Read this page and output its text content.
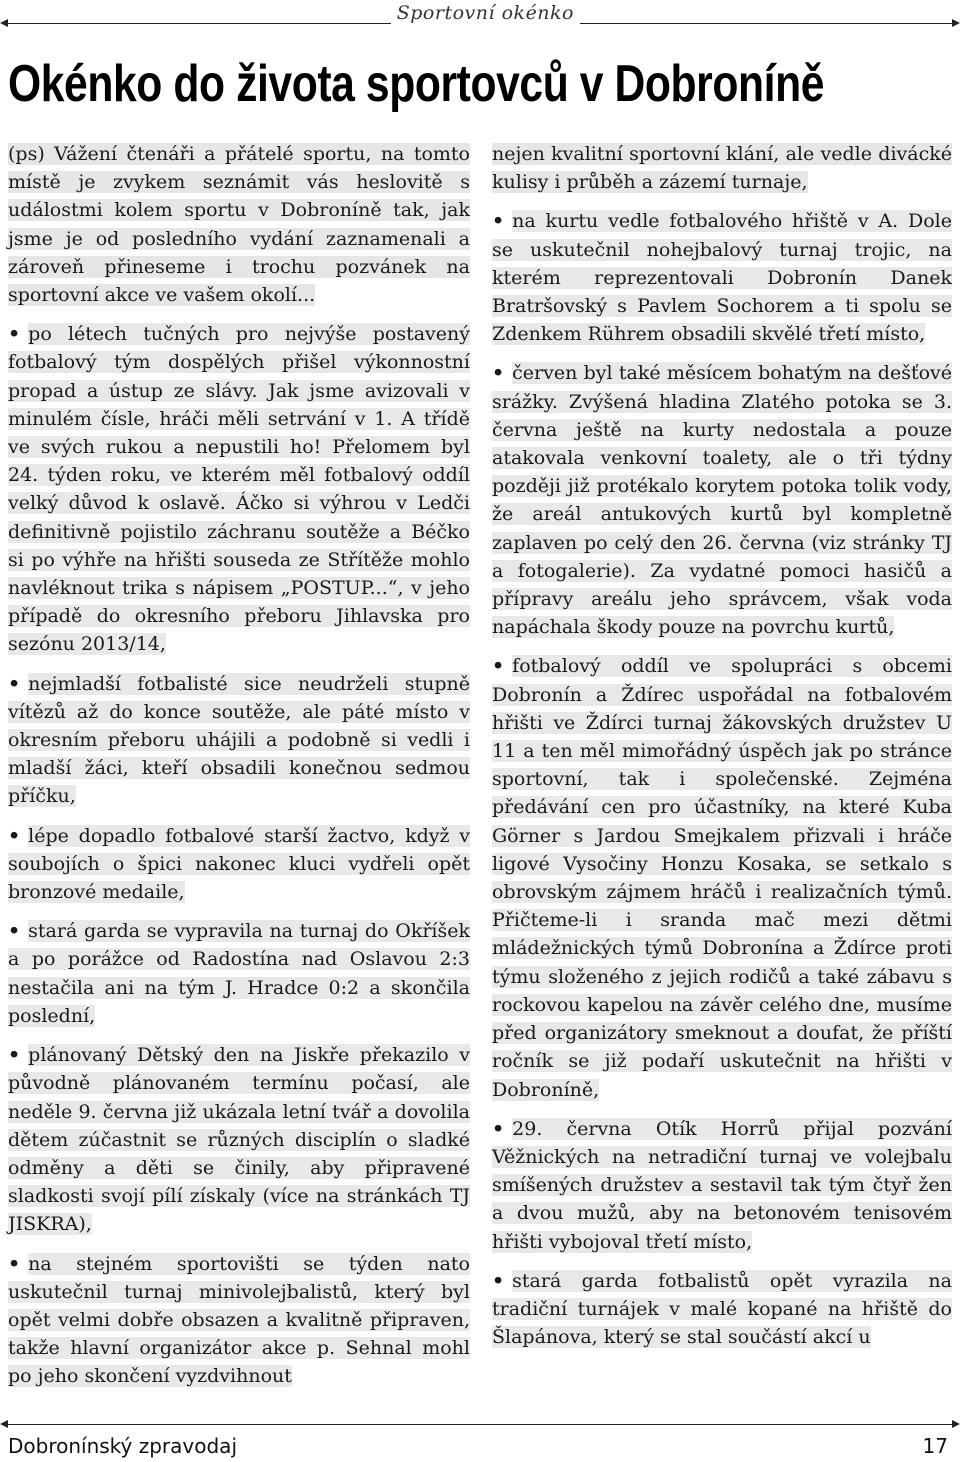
Sportovní okénko
Okénko do života sportovců v Dobroníně

(ps) Vážení čtenáři a přátelé sportu, na tomto místě je zvykem seznámit vás heslovitě s událostmi kolem sportu v Dobroníně tak, jak jsme je od posledního vydání zaznamenali a zároveň přineseme i trochu pozvánek na sportovní akce ve vašem okolí...

• po létech tučných pro nejvýše postavený fotbalový tým dospělých přišel výkonnostní propad a ústup ze slávy. Jak jsme avizovali v minulém čísle, hráči měli setrvání v 1. A třídě ve svých rukou a nepustili ho! Přelomem byl 24. týden roku, ve kterém měl fotbalový oddíl velký důvod k oslavě. Áčko si výhrou v Ledči definitivně pojistilo záchranu soutěže a Béčko si po výhře na hřišti souseda ze Střítěže mohlo navléknout trika s nápisem „POSTUP...“, v jeho případě do okresního přeboru Jihlavska pro sezónu 2013/14,

• nejmladší fotbalisté sice neudrželi stupně vítězů až do konce soutěže, ale páté místo v okresním přeboru uhájili a podobně si vedli i mladší žáci, kteří obsadili konečnou sedmou příčku,

• lépe dopadlo fotbalové starší žactvo, když v soubojích o špici nakonec kluci vydřeli opět bronzové medaile,

• stará garda se vypravila na turnaj do Okříšek a po porážce od Radostína nad Oslavou 2:3 nestačila ani na tým J. Hradce 0:2 a skončila poslední,

• plánovaný Dětský den na Jiskře překazilo v původně plánovaném termínu počasí, ale neděle 9. června již ukázala letní tvář a dovolila dětem zúčastnit se různých disciplín o sladké odměny a děti se činily, aby připravené sladkosti svojí pílí získaly (více na stránkách TJ JISKRA),

• na stejném sportovišti se týden nato uskutečnil turnaj minivolejbalistů, který byl opět velmi dobře obsazen a kvalitně připraven, takže hlavní organizátor akce p. Sehnal mohl po jeho skončení vyzdvihnout

nejen kvalitní sportovní klání, ale vedle divácké kulisy i průběh a zázemí turnaje,

• na kurtu vedle fotbalového hřiště v A. Dole se uskutečnil nohejbalový turnaj trojic, na kterém reprezentovali Dobronín Danek Bratršovský s Pavlem Sochorem a ti spolu se Zdenkem Rührem obsadili skvělé třetí místo,

• červen byl také měsícem bohatým na dešťové srážky. Zvýšená hladina Zlatého potoka se 3. června ještě na kurty nedostala a pouze atakovala venkovní toalety, ale o tři týdny později již protékalo korytem potoka tolik vody, že areál antukových kurtů byl kompletně zaplaven po celý den 26. června (viz stránky TJ a fotogalerie). Za vydatné pomoci hasičů a přípravy areálu jeho správcem, však voda napáchala škody pouze na povrchu kurtů,

• fotbalový oddíl ve spolupráci s obcemi Dobronín a Ždírec uspořádal na fotbalovém hřišti ve Ždírci turnaj žákovských družstev U 11 a ten měl mimořádný úspěch jak po stránce sportovní, tak i společenské. Zejména předávání cen pro účastníky, na které Kuba Görner s Jardou Smejkalem přizvali i hráče ligové Vysočiny Honzu Kosaka, se setkalo s obrovským zájmem hráčů i realizačních týmů. Přičteme-li i sranda mač mezi dětmi mládežnických týmů Dobronína a Ždírce proti týmu složeného z jejich rodičů a také zábavu s rockovou kapelou na závěr celého dne, musíme před organizátory smeknout a doufat, že příští ročník se již podaří uskutečnit na hřišti v Dobroníně,

• 29. června Otík Horrů přijal pozvání Věžnických na netradiční turnaj ve volejbalu smíšených družstev a sestavil tak tým čtyř žen a dvou mužů, aby na betonovém tenisovém hřišti vybojoval třetí místo,

• stará garda fotbalistů opět vyrazila na tradiční turnájek v malé kopané na hřiště do Šlapánova, který se stal součástí akcí u

Dobronínský zpravodaj	17
